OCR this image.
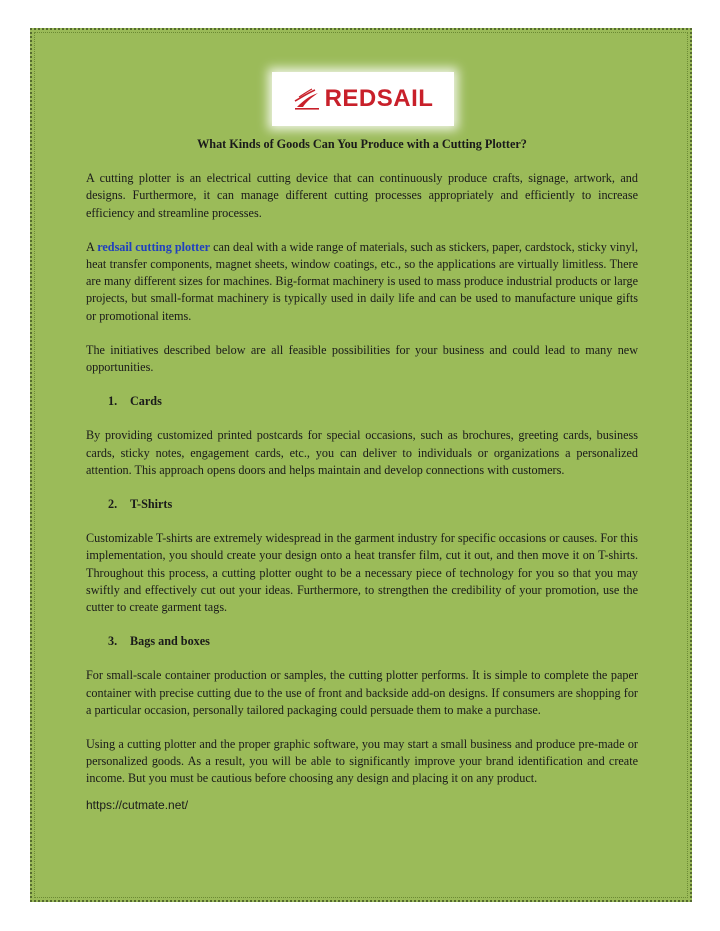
REDSAIL

What Kinds of Goods Can You Produce with a Cutting Plotter?

A cutting plotter is an electrical cutting device that can continuously produce crafts, signage, artwork, and designs. Furthermore, it can manage different cutting processes appropriately and efficiently to increase efficiency and streamline processes.

A redsail cutting plotter can deal with a wide range of materials, such as stickers, paper, cardstock, sticky vinyl, heat transfer components, magnet sheets, window coatings, etc., so the applications are virtually limitless. There are many different sizes for machines. Big-format machinery is used to mass produce industrial products or large projects, but small-format machinery is typically used in daily life and can be used to manufacture unique gifts or promotional items.

The initiatives described below are all feasible possibilities for your business and could lead to many new opportunities.

1. Cards

By providing customized printed postcards for special occasions, such as brochures, greeting cards, business cards, sticky notes, engagement cards, etc., you can deliver to individuals or organizations a personalized attention. This approach opens doors and helps maintain and develop connections with customers.

2. T-Shirts

Customizable T-shirts are extremely widespread in the garment industry for specific occasions or causes. For this implementation, you should create your design onto a heat transfer film, cut it out, and then move it on T-shirts. Throughout this process, a cutting plotter ought to be a necessary piece of technology for you so that you may swiftly and effectively cut out your ideas. Furthermore, to strengthen the credibility of your promotion, use the cutter to create garment tags.

3. Bags and boxes

For small-scale container production or samples, the cutting plotter performs. It is simple to complete the paper container with precise cutting due to the use of front and backside add-on designs. If consumers are shopping for a particular occasion, personally tailored packaging could persuade them to make a purchase.

Using a cutting plotter and the proper graphic software, you may start a small business and produce pre-made or personalized goods. As a result, you will be able to significantly improve your brand identification and create income. But you must be cautious before choosing any design and placing it on any product.

https://cutmate.net/
